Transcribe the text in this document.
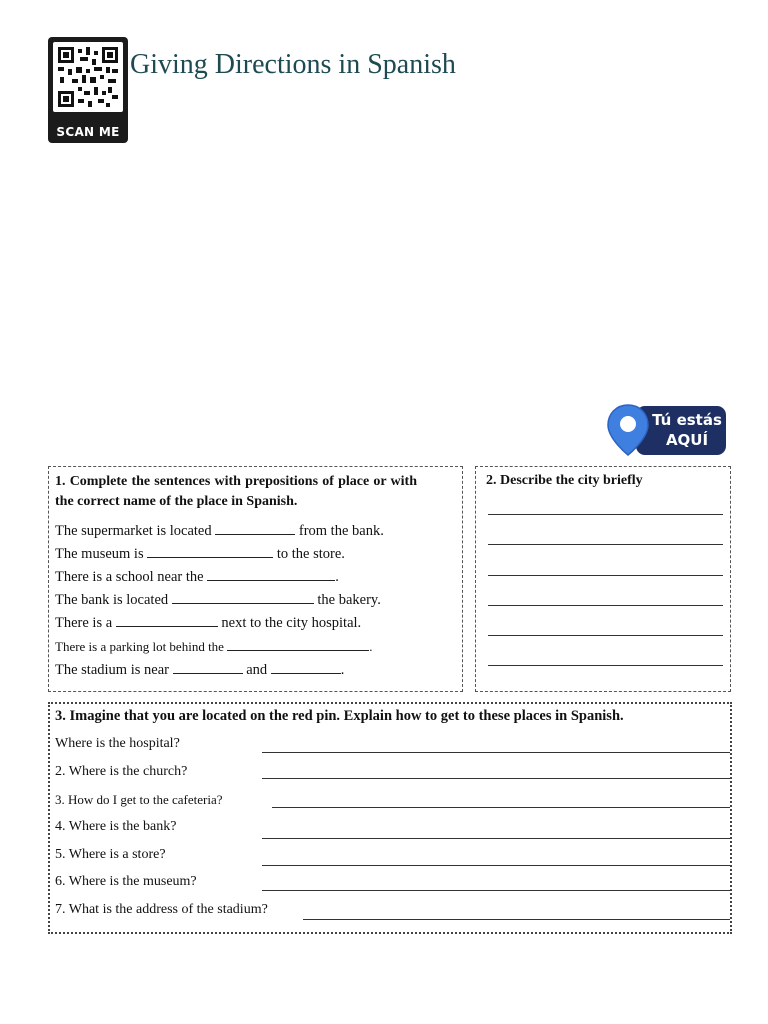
SCAN ME
Giving Directions in Spanish
Tú estás
AQUÍ
1. Complete the sentences with prepositions of place or with the correct name of the place in Spanish.
The supermarket is located	from the bank.
The museum is	to the store.
There is a school near the	.
The bank is located	the bakery.
There is a	next to the city hospital.
There is a parking lot behind the	.
The stadium is near	and	.
2. Describe the city briefly
3. Imagine that you are located on the red pin. Explain how to get to these places in Spanish.
Where is the hospital?
2. Where is the church?
3. How do I get to the cafeteria?
4. Where is the bank?
5. Where is a store?
6. Where is the museum?
7. What is the address of the stadium?
